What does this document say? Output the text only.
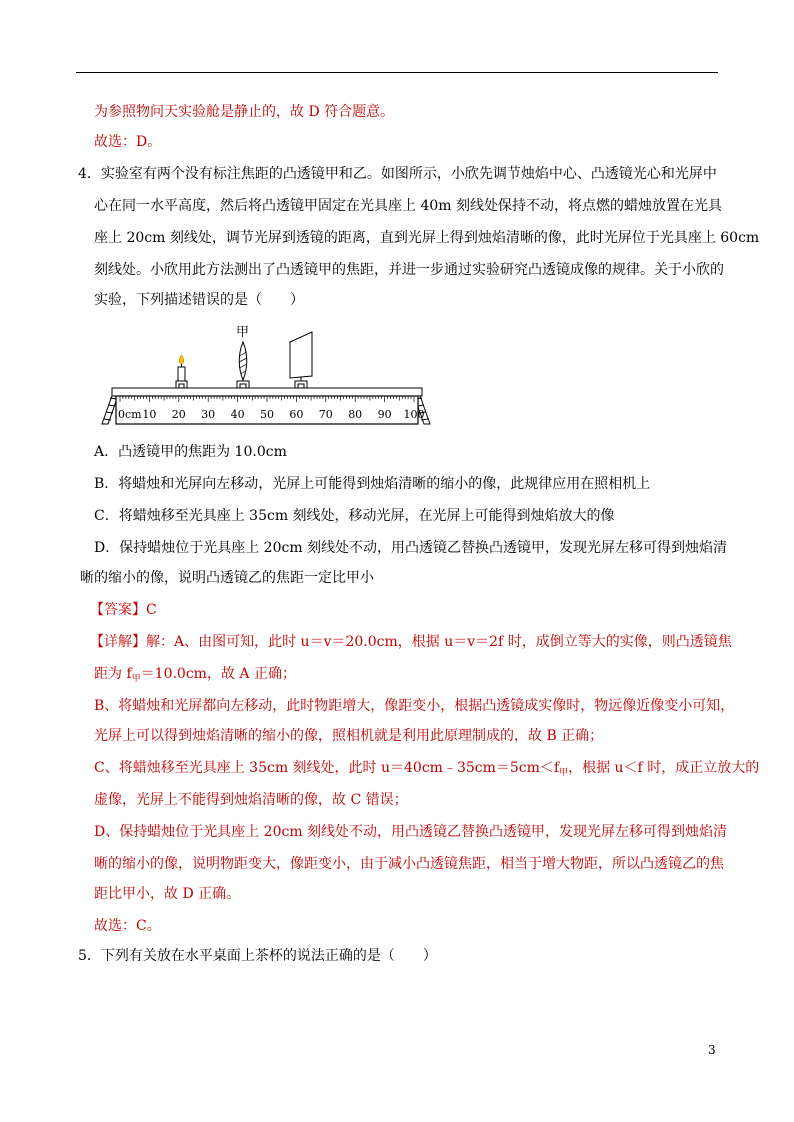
为参照物问天实验舱是静止的，故 D 符合题意。
故选：D。
4．实验室有两个没有标注焦距的凸透镜甲和乙。如图所示，小欣先调节烛焰中心、凸透镜光心和光屏中
心在同一水平高度，然后将凸透镜甲固定在光具座上 40m 刻线处保持不动，将点燃的蜡烛放置在光具
座上 20cm 刻线处，调节光屏到透镜的距离，直到光屏上得到烛焰清晰的像，此时光屏位于光具座上 60cm
刻线处。小欣用此方法测出了凸透镜甲的焦距，并进一步通过实验研究凸透镜成像的规律。关于小欣的
实验，下列描述错误的是（　　）
0cm 10 20 30 40 50 60 70 80 90 100
甲
A．凸透镜甲的焦距为 10.0cm
B．将蜡烛和光屏向左移动，光屏上可能得到烛焰清晰的缩小的像，此规律应用在照相机上
C．将蜡烛移至光具座上 35cm 刻线处，移动光屏，在光屏上可能得到烛焰放大的像
D．保持蜡烛位于光具座上 20cm 刻线处不动，用凸透镜乙替换凸透镜甲，发现光屏左移可得到烛焰清
晰的缩小的像，说明凸透镜乙的焦距一定比甲小
【答案】C
【详解】解：A、由图可知，此时 u＝v＝20.0cm，根据 u＝v＝2f 时，成倒立等大的实像，则凸透镜焦
距为 $f_甲=10.0cm$，故 A 正确；
B、将蜡烛和光屏都向左移动，此时物距增大，像距变小，根据凸透镜成实像时，物远像近像变小可知，
光屏上可以得到烛焰清晰的缩小的像，照相机就是利用此原理制成的，故 B 正确；
C、将蜡烛移至光具座上 35cm 刻线处，此时 $u=40cm﹣35cm=5cm<f_甲$，根据 u＜f 时，成正立放大的
虚像，光屏上不能得到烛焰清晰的像，故 C 错误；
D、保持蜡烛位于光具座上 20cm 刻线处不动，用凸透镜乙替换凸透镜甲，发现光屏左移可得到烛焰清
晰的缩小的像，说明物距变大，像距变小，由于减小凸透镜焦距，相当于增大物距，所以凸透镜乙的焦
距比甲小，故 D 正确。
故选：C。
5．下列有关放在水平桌面上茶杯的说法正确的是（　　）
3
